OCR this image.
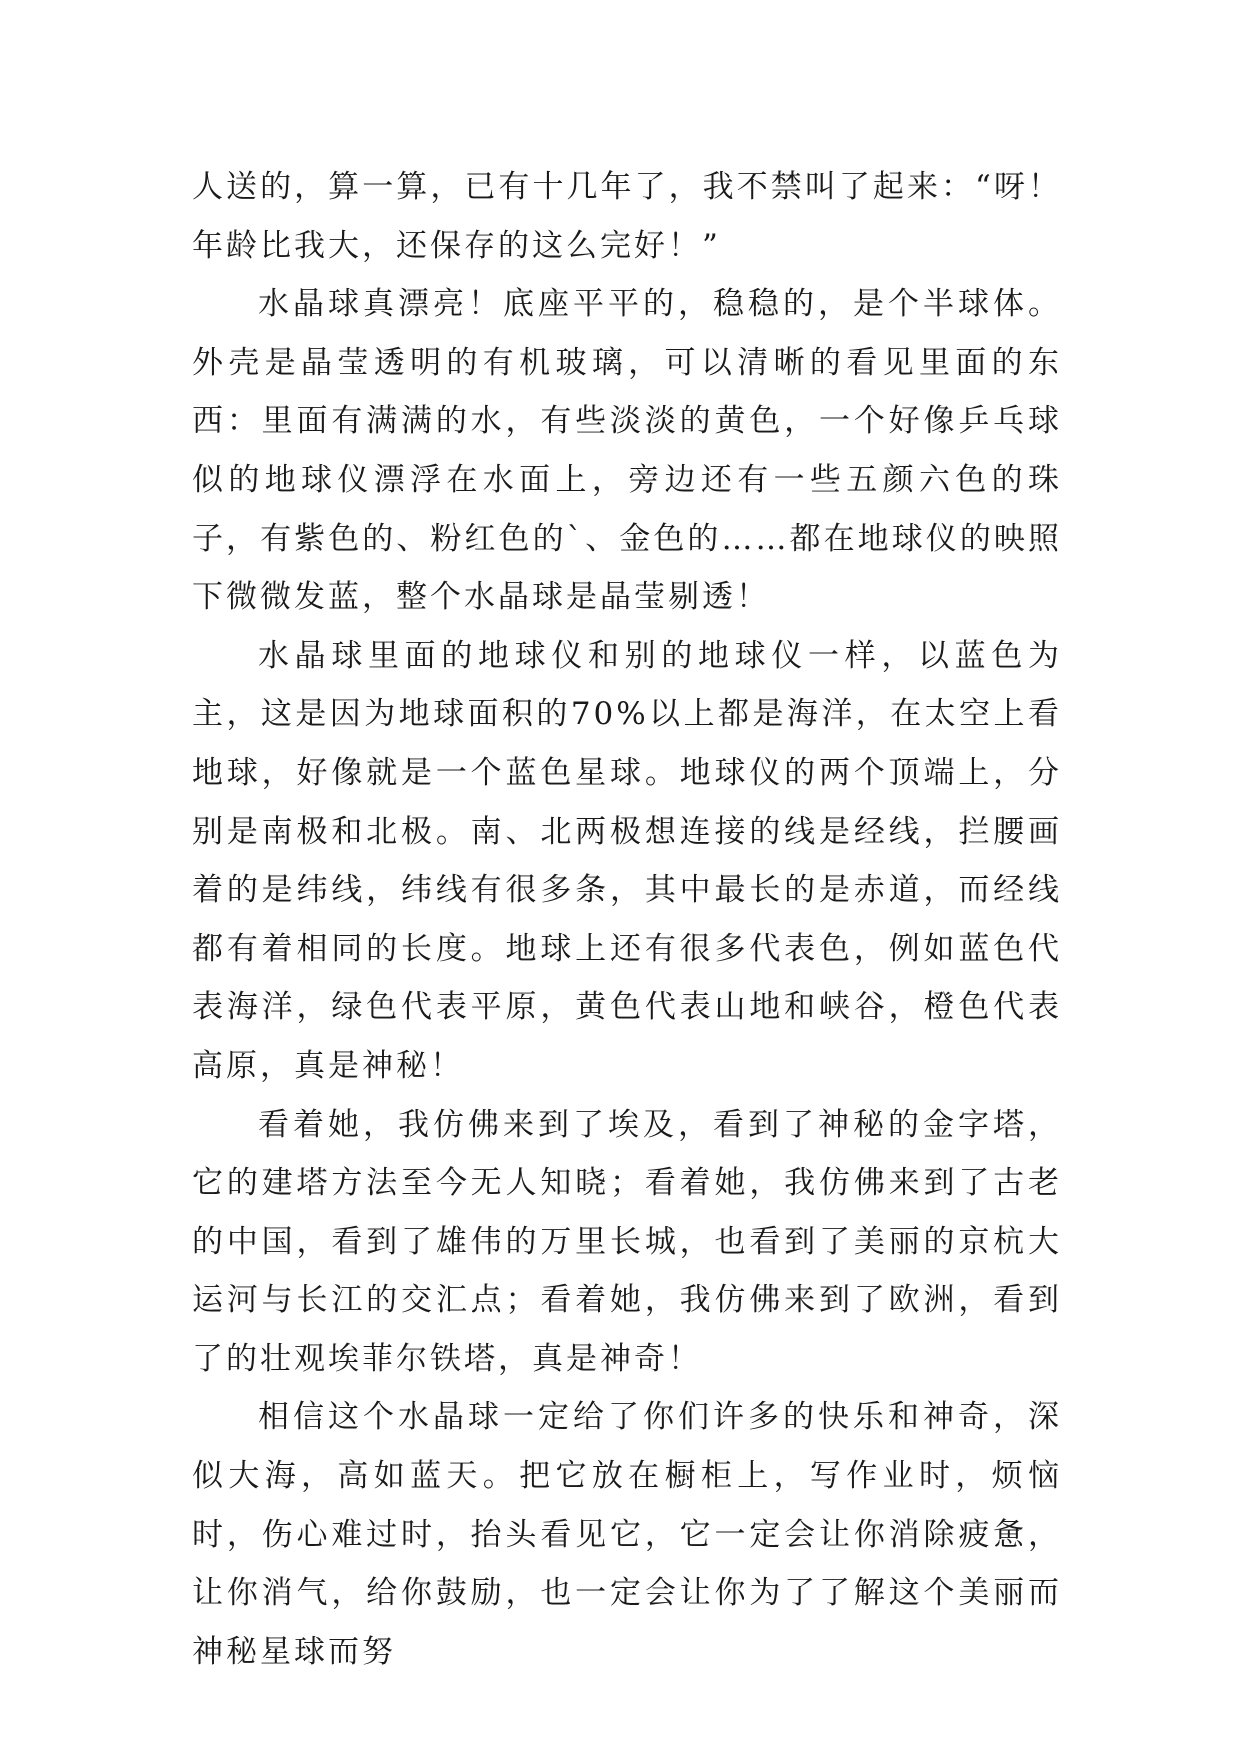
人送的，算一算，已有十几年了，我不禁叫了起来：“呀！年龄比我大，还保存的这么完好！”

水晶球真漂亮！底座平平的，稳稳的，是个半球体。外壳是晶莹透明的有机玻璃，可以清晰的看见里面的东西：里面有满满的水，有些淡淡的黄色，一个好像乒乓球似的地球仪漂浮在水面上，旁边还有一些五颜六色的珠子，有紫色的、粉红色的`、金色的……都在地球仪的映照下微微发蓝，整个水晶球是晶莹剔透！

水晶球里面的地球仪和别的地球仪一样，以蓝色为主，这是因为地球面积的70%以上都是海洋，在太空上看地球，好像就是一个蓝色星球。地球仪的两个顶端上，分别是南极和北极。南、北两极想连接的线是经线，拦腰画着的是纬线，纬线有很多条，其中最长的是赤道，而经线都有着相同的长度。地球上还有很多代表色，例如蓝色代表海洋，绿色代表平原，黄色代表山地和峡谷，橙色代表高原，真是神秘！

看着她，我仿佛来到了埃及，看到了神秘的金字塔，它的建塔方法至今无人知晓；看着她，我仿佛来到了古老的中国，看到了雄伟的万里长城，也看到了美丽的京杭大运河与长江的交汇点；看着她，我仿佛来到了欧洲，看到了的壮观埃菲尔铁塔，真是神奇！

相信这个水晶球一定给了你们许多的快乐和神奇，深似大海，高如蓝天。把它放在橱柜上，写作业时，烦恼时，伤心难过时，抬头看见它，它一定会让你消除疲惫，让你消气，给你鼓励，也一定会让你为了了解这个美丽而神秘星球而努
